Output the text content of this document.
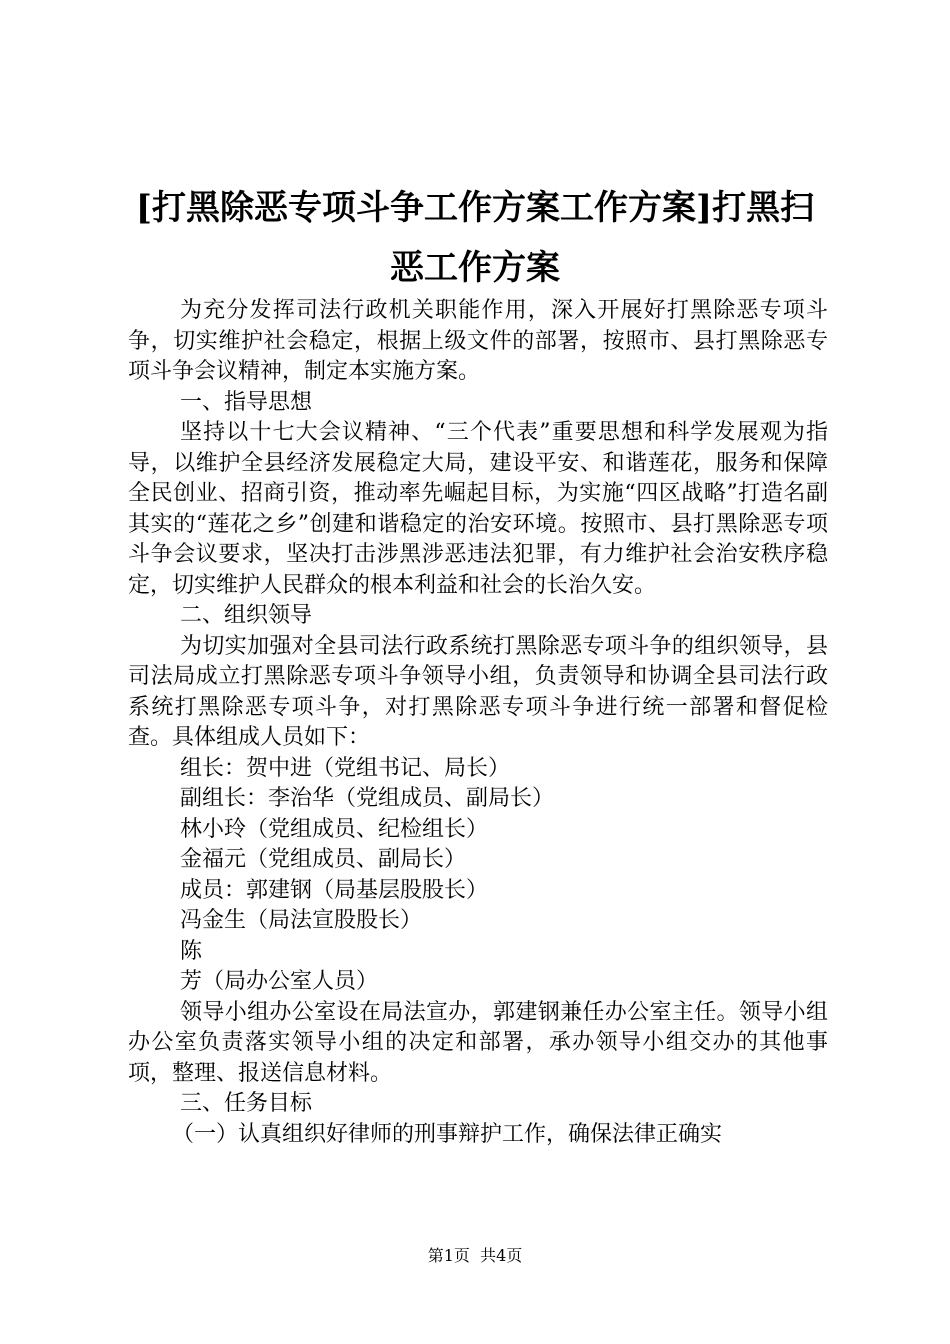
[打黑除恶专项斗争工作方案工作方案]打黑扫
恶工作方案

为充分发挥司法行政机关职能作用，深入开展好打黑除恶专项斗争，切实维护社会稳定，根据上级文件的部署，按照市、县打黑除恶专项斗争会议精神，制定本实施方案。

一、指导思想

坚持以十七大会议精神、“三个代表”重要思想和科学发展观为指导，以维护全县经济发展稳定大局，建设平安、和谐莲花，服务和保障全民创业、招商引资，推动率先崛起目标，为实施“四区战略”打造名副其实的“莲花之乡”创建和谐稳定的治安环境。按照市、县打黑除恶专项斗争会议要求，坚决打击涉黑涉恶违法犯罪，有力维护社会治安秩序稳定，切实维护人民群众的根本利益和社会的长治久安。

二、组织领导

为切实加强对全县司法行政系统打黑除恶专项斗争的组织领导，县司法局成立打黑除恶专项斗争领导小组，负责领导和协调全县司法行政系统打黑除恶专项斗争，对打黑除恶专项斗争进行统一部署和督促检查。具体组成人员如下：

组长：贺中进（党组书记、局长）

副组长：李治华（党组成员、副局长）

林小玲（党组成员、纪检组长）

金福元（党组成员、副局长）

成员：郭建钢（局基层股股长）

冯金生（局法宣股股长）

陈

芳（局办公室人员）

领导小组办公室设在局法宣办，郭建钢兼任办公室主任。领导小组办公室负责落实领导小组的决定和部署，承办领导小组交办的其他事项，整理、报送信息材料。

三、任务目标

（一）认真组织好律师的刑事辩护工作，确保法律正确实

第1页  共4页
